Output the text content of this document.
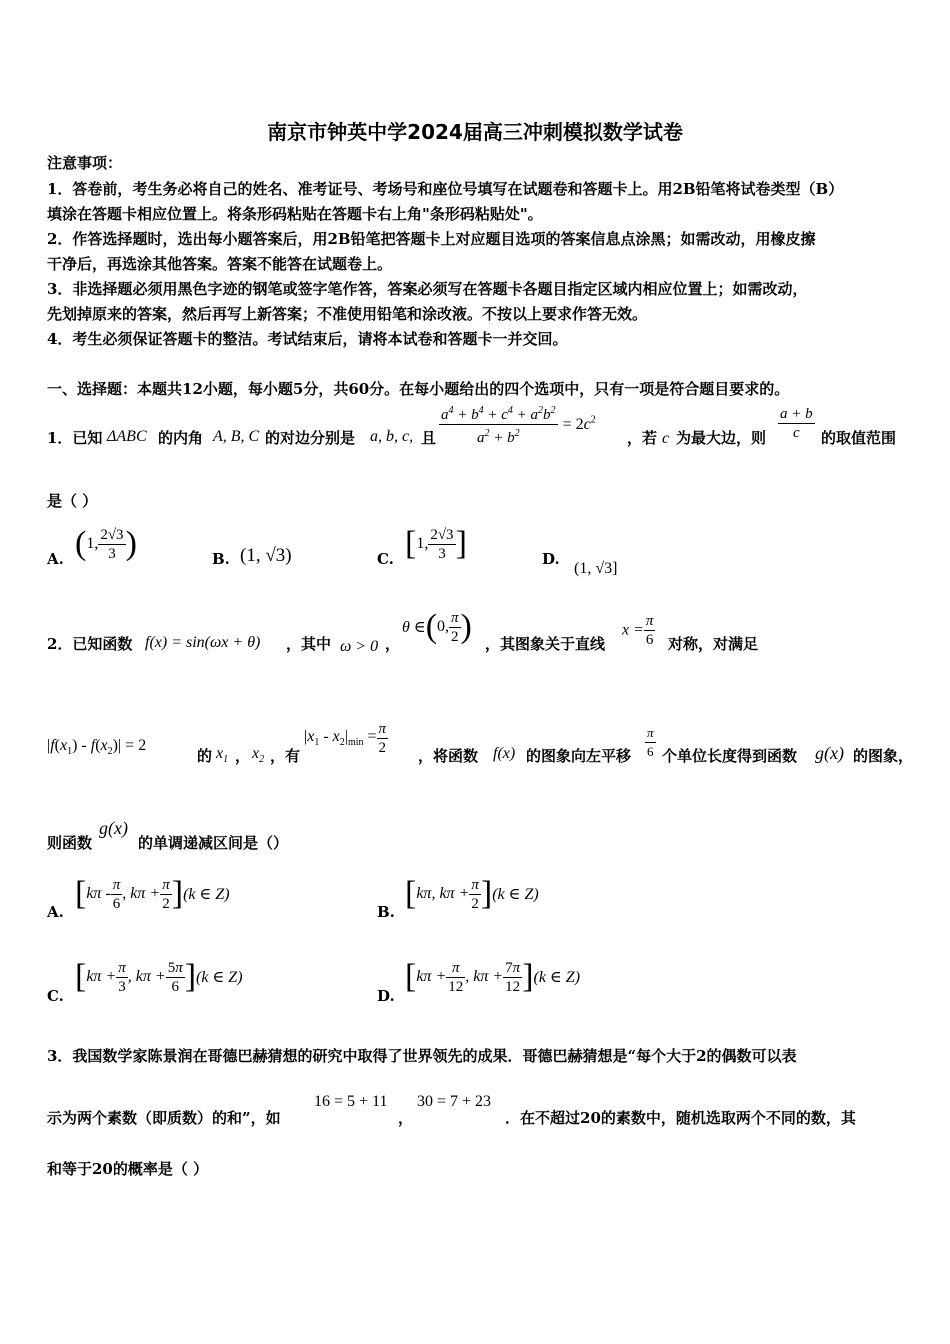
南京市钟英中学2024届高三冲刺模拟数学试卷
注意事项：
1．答卷前，考生务必将自己的姓名、准考证号、考场号和座位号填写在试题卷和答题卡上。用2B铅笔将试卷类型（B）
填涂在答题卡相应位置上。将条形码粘贴在答题卡右上角"条形码粘贴处"。
2．作答选择题时，选出每小题答案后，用2B铅笔把答题卡上对应题目选项的答案信息点涂黑；如需改动，用橡皮擦
干净后，再选涂其他答案。答案不能答在试题卷上。
3．非选择题必须用黑色字迹的钢笔或签字笔作答，答案必须写在答题卡各题目指定区域内相应位置上；如需改动，
先划掉原来的答案，然后再写上新答案；不准使用铅笔和涂改液。不按以上要求作答无效。
4．考生必须保证答题卡的整洁。考试结束后，请将本试卷和答题卡一并交回。
一、选择题：本题共12小题，每小题5分，共60分。在每小题给出的四个选项中，只有一项是符合题目要求的。
1．已知 ΔABC 的内角 A, B, C 的对边分别是 a, b, c, 且 $\frac{a^4 + b^4 + c^4 + a^2b^2}{a^2 + b^2} = 2c^2$
，若 c 为最大边，则 $\frac{a + b}{c}$ 的取值范围
是（ ）
A. (1, $\frac{2√3}{3}$ )	B. (1, √3)	C. [1, $\frac{2√3}{3}$ ]	D.
(1, √3]
2．已知函数 f(x) = sin(ωx + θ) ，其中 ω > 0 ，
θ ∈(0, $\frac{\pi}{2}$ ) ，其图象关于直线
$x = \frac{\pi}{6}$ 对称，对满足
$|f(x_1) - f(x_2)| = 2$
的 $x_1$ ， $x_2$ ，有
$|x_1 - x_2|_{min} = \frac{\pi}{2}$ ，将函数 f(x) 的图象向左平移 $\frac{\pi}{6}$ 个单位长度得到函数 g(x) 的图象，
则函数
g(x)
的单调递减区间是（）
A. [$k\pi - \frac{\pi}{6}$ , $k\pi + \frac{\pi}{2} ](k$ ∈ Z)
B. [kπ, $k\pi + \frac{\pi}{2} ](k$ ∈ Z)
C.
[$k\pi + \frac{\pi}{3}$ , $k\pi + \frac{5\pi}{6} ](k$ ∈ Z)
D.
[$k\pi + \frac{\pi}{12}$ , $k\pi + \frac{7\pi}{12} ](k$ ∈ Z)
3．我国数学家陈景润在哥德巴赫猜想的研究中取得了世界领先的成果．哥德巴赫猜想是“每个大于2的偶数可以表
示为两个素数（即质数）的和”，如
16 = 5 + 11
，
30 = 7 + 23
．在不超过20的素数中，随机选取两个不同的数，其
和等于20的概率是（ ）
